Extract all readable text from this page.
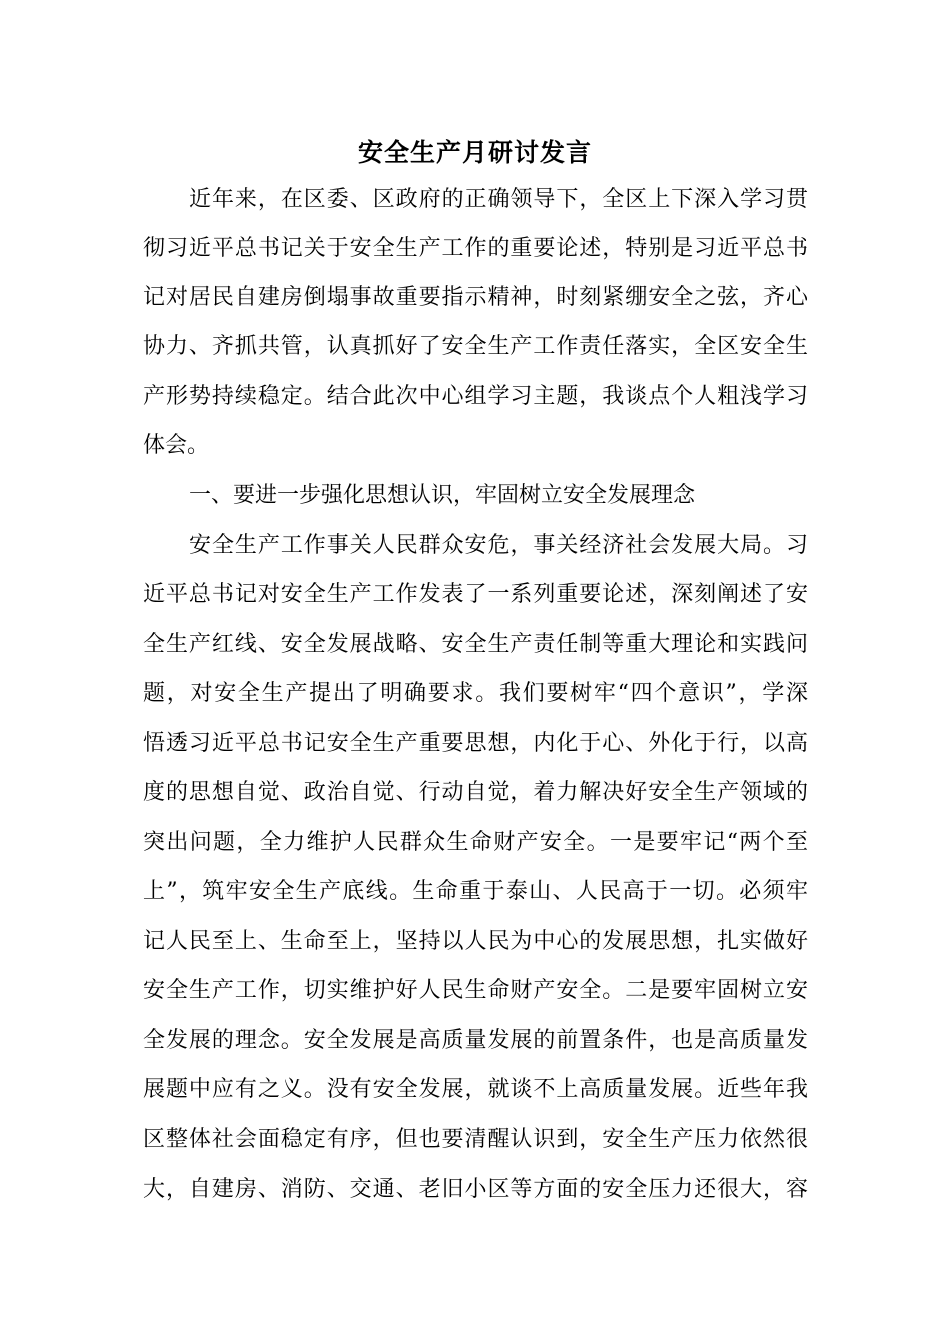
安全生产月研讨发言
近年来，在区委、区政府的正确领导下，全区上下深入学习贯
彻习近平总书记关于安全生产工作的重要论述，特别是习近平总书
记对居民自建房倒塌事故重要指示精神，时刻紧绷安全之弦，齐心
协力、齐抓共管，认真抓好了安全生产工作责任落实，全区安全生
产形势持续稳定。结合此次中心组学习主题，我谈点个人粗浅学习
体会。
一、要进一步强化思想认识，牢固树立安全发展理念
安全生产工作事关人民群众安危，事关经济社会发展大局。习
近平总书记对安全生产工作发表了一系列重要论述，深刻阐述了安
全生产红线、安全发展战略、安全生产责任制等重大理论和实践问
题，对安全生产提出了明确要求。我们要树牢“四个意识”，学深
悟透习近平总书记安全生产重要思想，内化于心、外化于行，以高
度的思想自觉、政治自觉、行动自觉，着力解决好安全生产领域的
突出问题，全力维护人民群众生命财产安全。一是要牢记“两个至
上”，筑牢安全生产底线。生命重于泰山、人民高于一切。必须牢
记人民至上、生命至上，坚持以人民为中心的发展思想，扎实做好
安全生产工作，切实维护好人民生命财产安全。二是要牢固树立安
全发展的理念。安全发展是高质量发展的前置条件，也是高质量发
展题中应有之义。没有安全发展，就谈不上高质量发展。近些年我
区整体社会面稳定有序，但也要清醒认识到，安全生产压力依然很
大，自建房、消防、交通、老旧小区等方面的安全压力还很大，容
